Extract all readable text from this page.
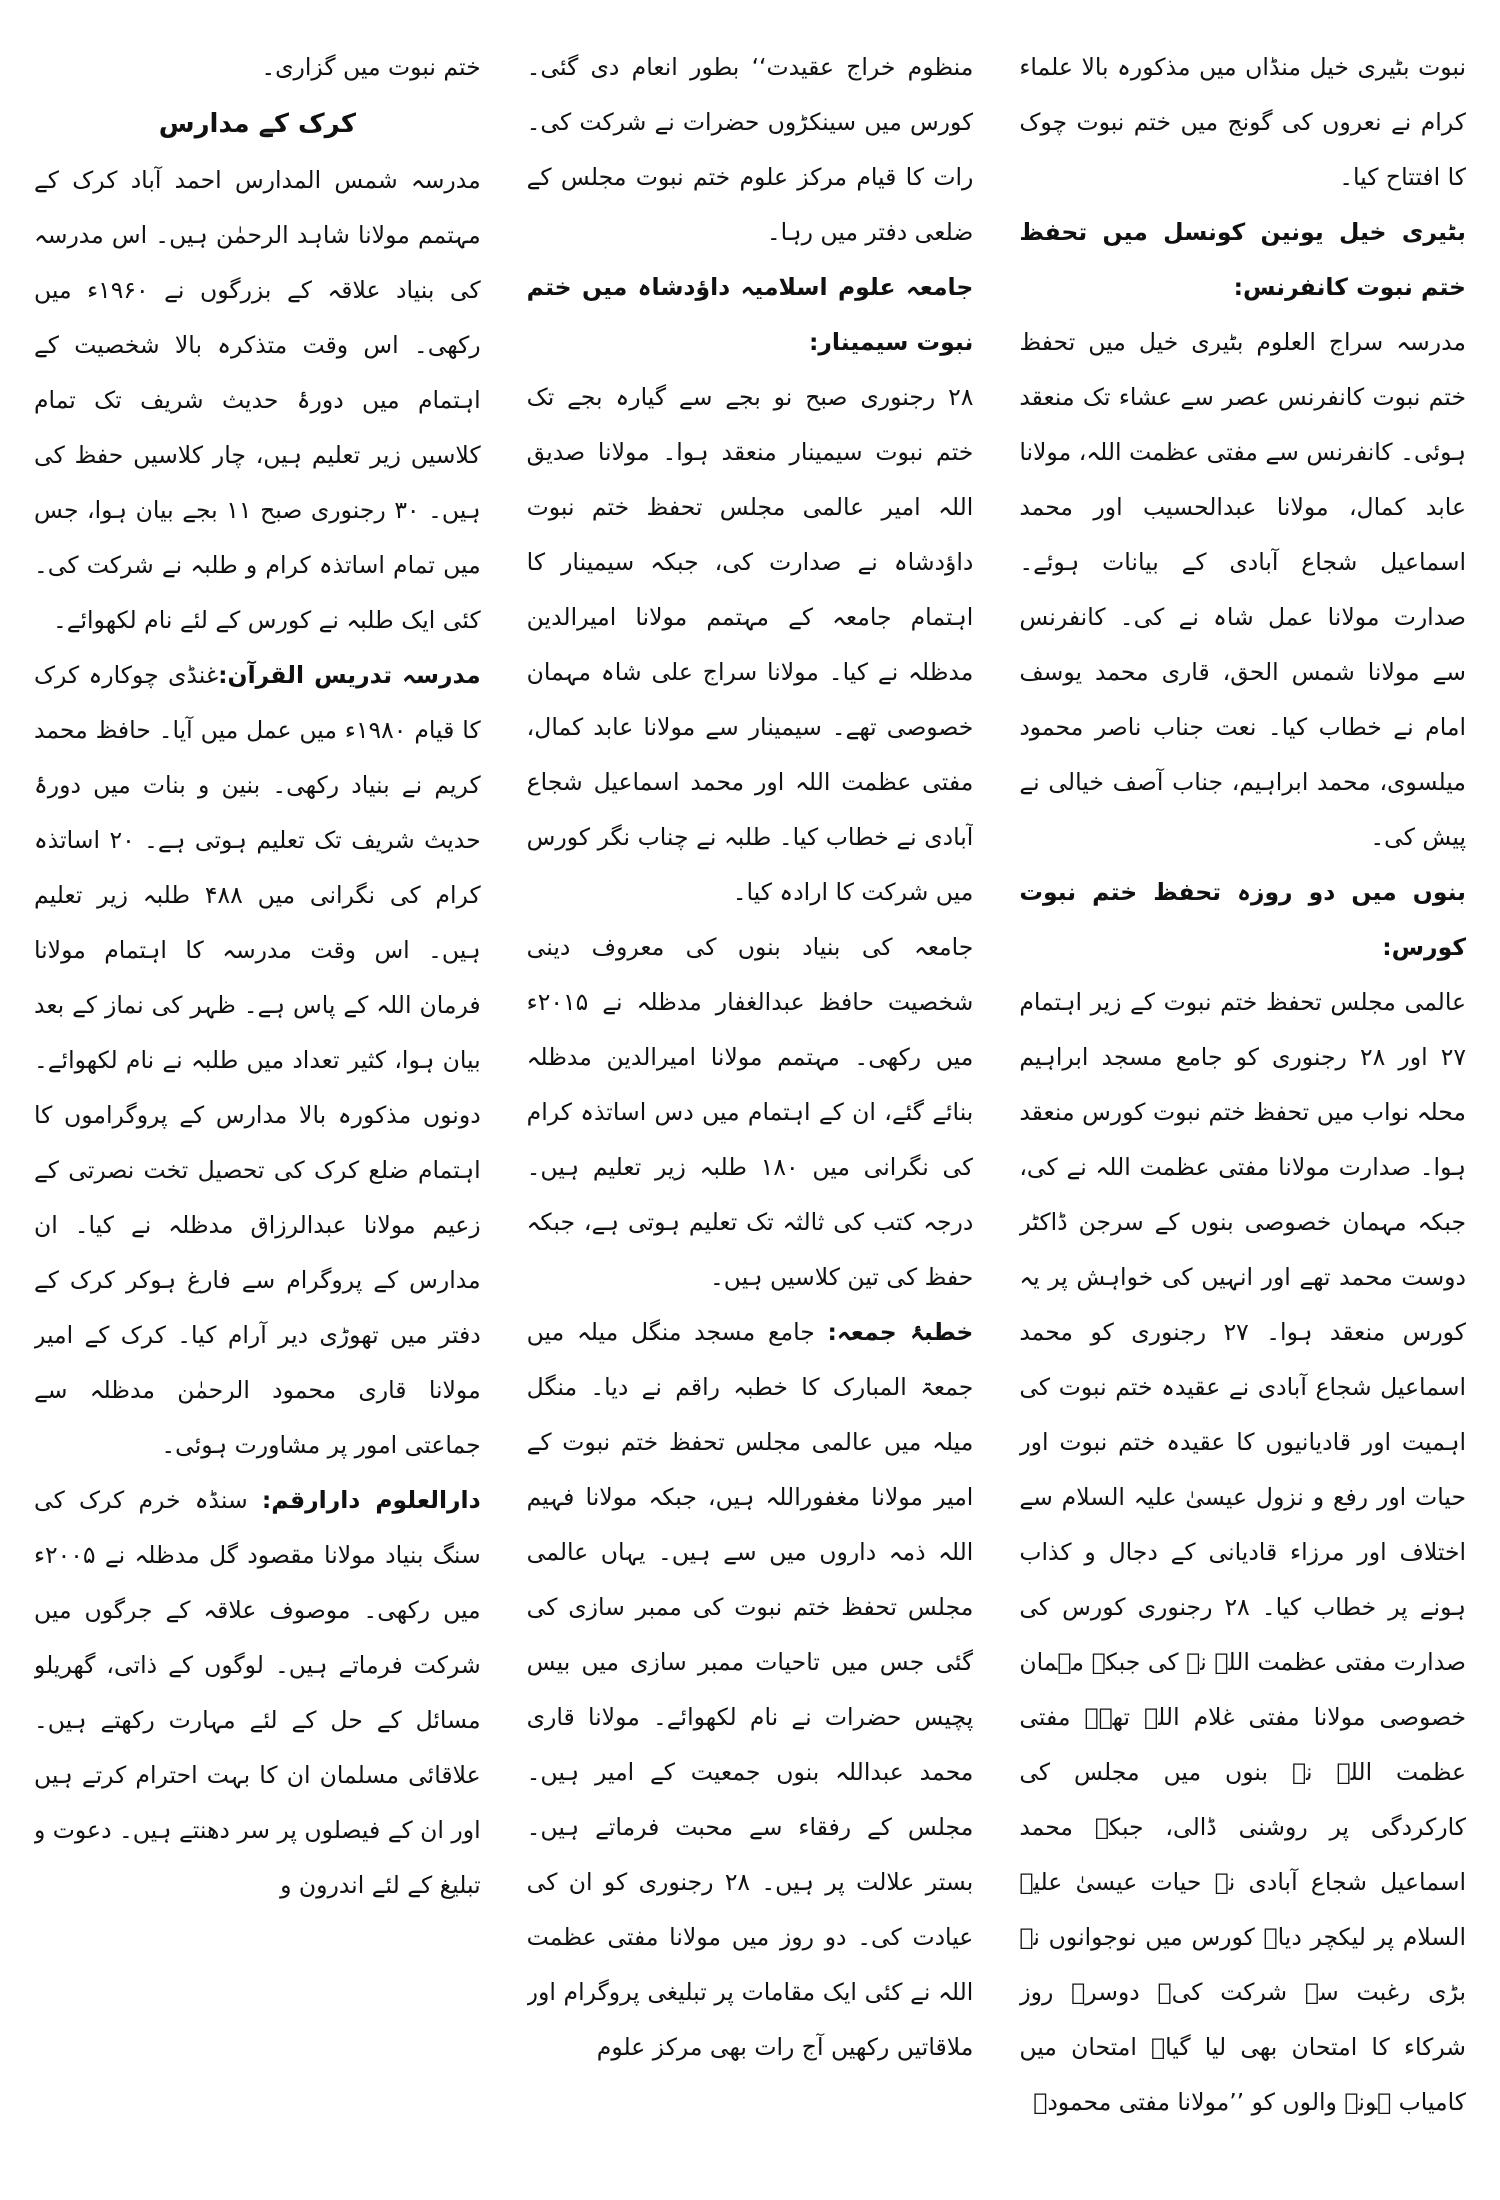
نبوت بٹیری خیل منڈاں میں مذکورہ بالا علماء کرام نے نعروں کی گونج میں ختم نبوت چوک کا افتتاح کیا۔

بٹیری خیل یونین کونسل میں تحفظ ختم نبوت کانفرنس:

مدرسہ سراج العلوم بٹیری خیل میں تحفظ ختم نبوت کانفرنس عصر سے عشاء تک منعقد ہوئی۔ کانفرنس سے مفتی عظمت اللہ، مولانا عابد کمال، مولانا عبدالحسیب اور محمد اسماعیل شجاع آبادی کے بیانات ہوئے۔ صدارت مولانا عمل شاہ نے کی۔ کانفرنس سے مولانا شمس الحق، قاری محمد یوسف امام نے خطاب کیا۔ نعت جناب ناصر محمود میلسوی، محمد ابراہیم، جناب آصف خیالی نے پیش کی۔

بنوں میں دو روزہ تحفظ ختم نبوت کورس:

عالمی مجلس تحفظ ختم نبوت کے زیر اہتمام ۲۷ اور ۲۸ رجنوری کو جامع مسجد ابراہیم محلہ نواب میں تحفظ ختم نبوت کورس منعقد ہوا۔ صدارت مولانا مفتی عظمت اللہ نے کی، جبکہ مہمان خصوصی بنوں کے سرجن ڈاکٹر دوست محمد تھے اور انہیں کی خواہش پر یہ کورس منعقد ہوا۔ ۲۷ رجنوری کو محمد اسماعیل شجاع آبادی نے عقیدہ ختم نبوت کی اہمیت اور قادیانیوں کا عقیدہ ختم نبوت اور حیات اور رفع و نزول عیسیٰ علیہ السلام سے اختلاف اور مرزاء قادیانی کے دجال و کذاب ہونے پر خطاب کیا۔ ۲۸ رجنوری کورس کی صدارت مفتی عظمت اللہ نے کی جبکہ مہمان خصوصی مولانا مفتی غلام اللہ تھے۔ مفتی عظمت اللہ نے بنوں میں مجلس کی کارکردگی پر روشنی ڈالی، جبکہ محمد اسماعیل شجاع آبادی نے حیات عیسیٰ علیہ السلام پر لیکچر دیا۔ کورس میں نوجوانوں نے بڑی رغبت سے شرکت کی۔ دوسرے روز شرکاء کا امتحان بھی لیا گیا۔ امتحان میں کامیاب ہونے والوں کو ’’مولانا مفتی محمودؒ

منظوم خراج عقیدت‘‘ بطور انعام دی گئی۔ کورس میں سینکڑوں حضرات نے شرکت کی۔ رات کا قیام مرکز علوم ختم نبوت مجلس کے ضلعی دفتر میں رہا۔

جامعہ علوم اسلامیہ داؤدشاہ میں ختم نبوت سیمینار:

۲۸ رجنوری صبح نو بجے سے گیارہ بجے تک ختم نبوت سیمینار منعقد ہوا۔ مولانا صدیق اللہ امیر عالمی مجلس تحفظ ختم نبوت داؤدشاہ نے صدارت کی، جبکہ سیمینار کا اہتمام جامعہ کے مہتمم مولانا امیرالدین مدظلہ نے کیا۔ مولانا سراج علی شاہ مہمان خصوصی تھے۔ سیمینار سے مولانا عابد کمال، مفتی عظمت اللہ اور محمد اسماعیل شجاع آبادی نے خطاب کیا۔ طلبہ نے چناب نگر کورس میں شرکت کا ارادہ کیا۔

جامعہ کی بنیاد بنوں کی معروف دینی شخصیت حافظ عبدالغفار مدظلہ نے ۲۰۱۵ء میں رکھی۔ مہتمم مولانا امیرالدین مدظلہ بنائے گئے، ان کے اہتمام میں دس اساتذہ کرام کی نگرانی میں ۱۸۰ طلبہ زیر تعلیم ہیں۔ درجہ کتب کی ثالثہ تک تعلیم ہوتی ہے، جبکہ حفظ کی تین کلاسیں ہیں۔

خطبۂ جمعہ: جامع مسجد منگل میلہ میں جمعۃ المبارک کا خطبہ راقم نے دیا۔ منگل میلہ میں عالمی مجلس تحفظ ختم نبوت کے امیر مولانا مغفوراللہ ہیں، جبکہ مولانا فہیم اللہ ذمہ داروں میں سے ہیں۔ یہاں عالمی مجلس تحفظ ختم نبوت کی ممبر سازی کی گئی جس میں تاحیات ممبر سازی میں بیس پچیس حضرات نے نام لکھوائے۔ مولانا قاری محمد عبداللہ بنوں جمعیت کے امیر ہیں۔ مجلس کے رفقاء سے محبت فرماتے ہیں۔ بستر علالت پر ہیں۔ ۲۸ رجنوری کو ان کی عیادت کی۔ دو روز میں مولانا مفتی عظمت اللہ نے کئی ایک مقامات پر تبلیغی پروگرام اور ملاقاتیں رکھیں آج رات بھی مرکز علوم

ختم نبوت میں گزاری۔

کرک کے مدارس

مدرسہ شمس المدارس احمد آباد کرک کے مہتمم مولانا شاہد الرحمٰن ہیں۔ اس مدرسہ کی بنیاد علاقہ کے بزرگوں نے ۱۹۶۰ء میں رکھی۔ اس وقت متذکرہ بالا شخصیت کے اہتمام میں دورۂ حدیث شریف تک تمام کلاسیں زیر تعلیم ہیں، چار کلاسیں حفظ کی ہیں۔ ۳۰ رجنوری صبح ۱۱ بجے بیان ہوا، جس میں تمام اساتذہ کرام و طلبہ نے شرکت کی۔ کئی ایک طلبہ نے کورس کے لئے نام لکھوائے۔

مدرسہ تدریس القرآن:غنڈی چوکارہ کرک کا قیام ۱۹۸۰ء میں عمل میں آیا۔ حافظ محمد کریم نے بنیاد رکھی۔ بنین و بنات میں دورۂ حدیث شریف تک تعلیم ہوتی ہے۔ ۲۰ اساتذہ کرام کی نگرانی میں ۴۸۸ طلبہ زیر تعلیم ہیں۔ اس وقت مدرسہ کا اہتمام مولانا فرمان اللہ کے پاس ہے۔ ظہر کی نماز کے بعد بیان ہوا، کثیر تعداد میں طلبہ نے نام لکھوائے۔ دونوں مذکورہ بالا مدارس کے پروگراموں کا اہتمام ضلع کرک کی تحصیل تخت نصرتی کے زعیم مولانا عبدالرزاق مدظلہ نے کیا۔ ان مدارس کے پروگرام سے فارغ ہوکر کرک کے دفتر میں تھوڑی دیر آرام کیا۔ کرک کے امیر مولانا قاری محمود الرحمٰن مدظلہ سے جماعتی امور پر مشاورت ہوئی۔

دارالعلوم دارارقم: سنڈہ خرم کرک کی سنگ بنیاد مولانا مقصود گل مدظلہ نے ۲۰۰۵ء میں رکھی۔ موصوف علاقہ کے جرگوں میں شرکت فرماتے ہیں۔ لوگوں کے ذاتی، گھریلو مسائل کے حل کے لئے مہارت رکھتے ہیں۔ علاقائی مسلمان ان کا بہت احترام کرتے ہیں اور ان کے فیصلوں پر سر دھنتے ہیں۔ دعوت و تبلیغ کے لئے اندرون و
